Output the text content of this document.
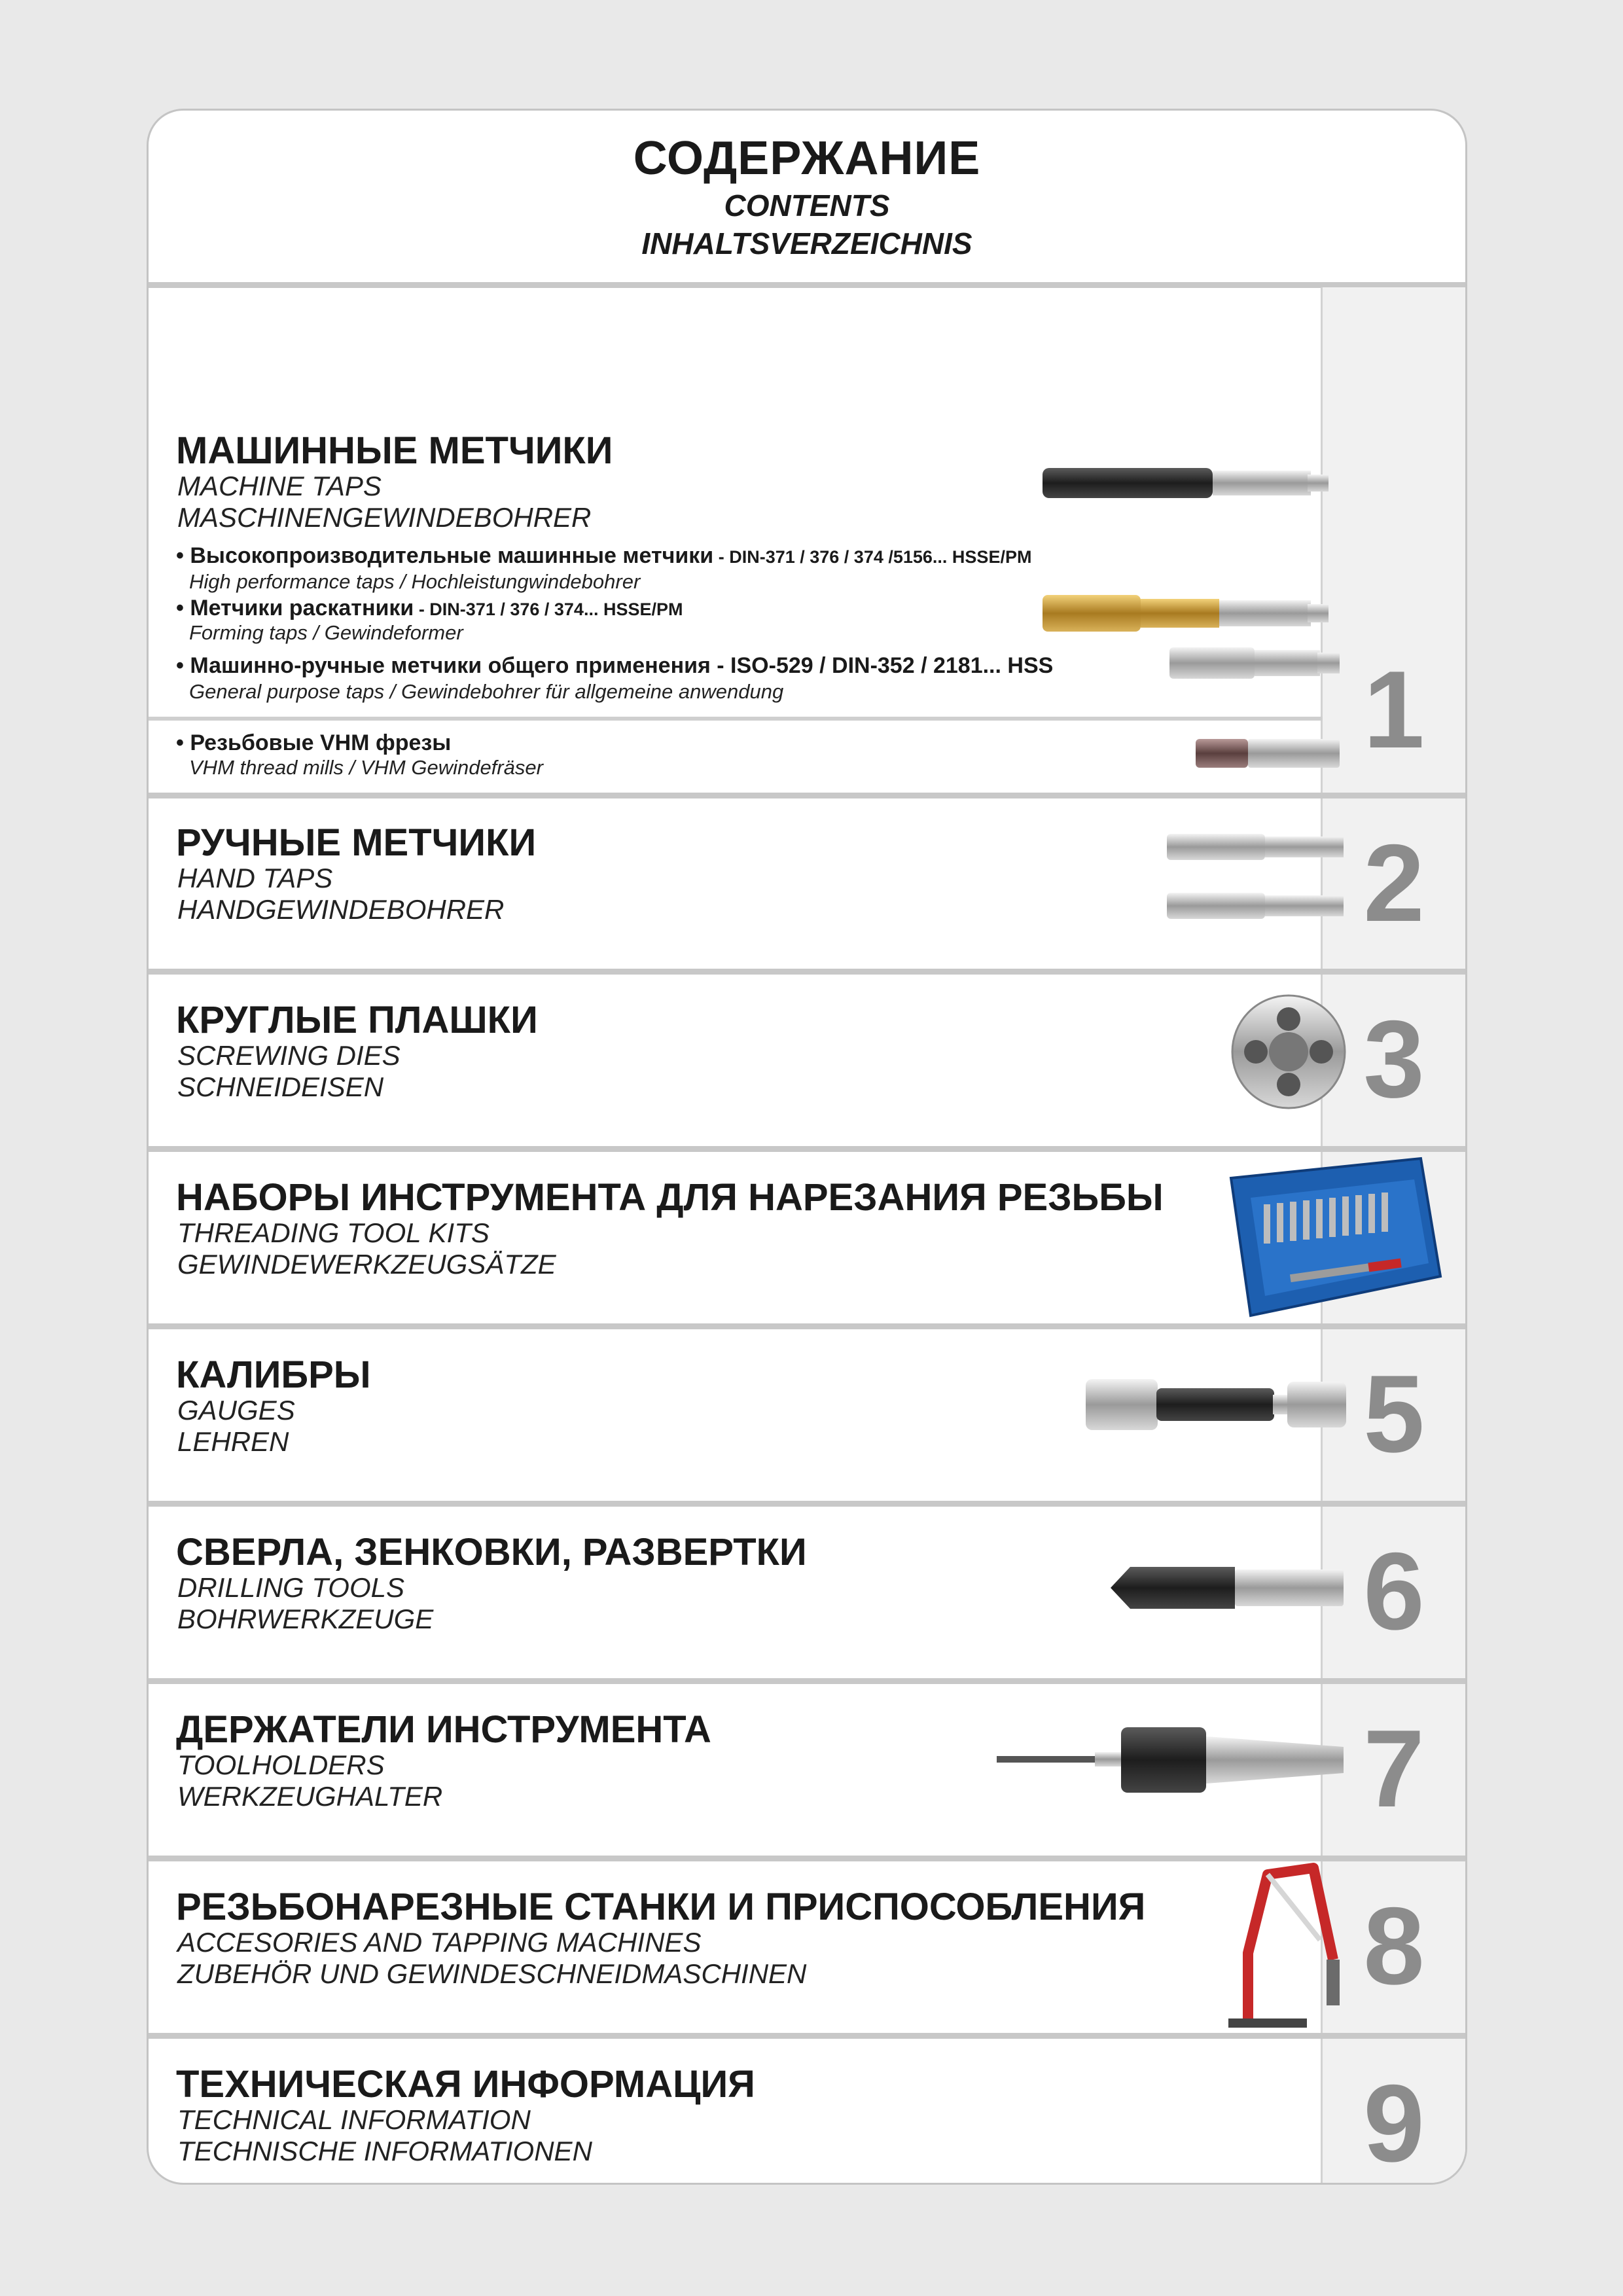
СОДЕРЖАНИЕ
CONTENTS
INHALTSVERZEICHNIS
МАШИННЫЕ МЕТЧИКИ
MACHINE TAPS
MASCHINENGEWINDEBOHRER
• Высокопроизводительные машинные метчики - DIN-371 / 376 / 374 /5156... HSSE/PM
High performance taps / Hochleistungwindebohrer
• Метчики раскатники - DIN-371 / 376 / 374... HSSE/PM
Forming taps / Gewindeformer
• Машинно-ручные метчики общего применения - ISO-529 / DIN-352 / 2181... HSS
General purpose taps / Gewindebohrer für allgemeine anwendung
• Резьбовые VHM фрезы
VHM thread mills / VHM Gewindefräser	1
РУЧНЫЕ МЕТЧИКИ
HAND TAPS
HANDGEWINDEBOHRER	2
КРУГЛЫЕ ПЛАШКИ
SCREWING DIES
SCHNEIDEISEN	3
НАБОРЫ ИНСТРУМЕНТА ДЛЯ НАРЕЗАНИЯ РЕЗЬБЫ
THREADING TOOL KITS
GEWINDEWERKZEUGSÄTZE
КАЛИБРЫ
GAUGES
LEHREN	5
СВЕРЛА, ЗЕНКОВКИ, РАЗВЕРТКИ
DRILLING TOOLS
BOHRWERKZEUGE	6
ДЕРЖАТЕЛИ ИНСТРУМЕНТА
TOOLHOLDERS
WERKZEUGHALTER	7
РЕЗЬБОНАРЕЗНЫЕ СТАНКИ И ПРИСПОСОБЛЕНИЯ
ACCESORIES AND TAPPING MACHINES
ZUBEHÖR UND GEWINDESCHNEIDMASCHINEN	8
ТЕХНИЧЕСКАЯ ИНФОРМАЦИЯ
TECHNICAL INFORMATION
TECHNISCHE INFORMATIONEN	9
